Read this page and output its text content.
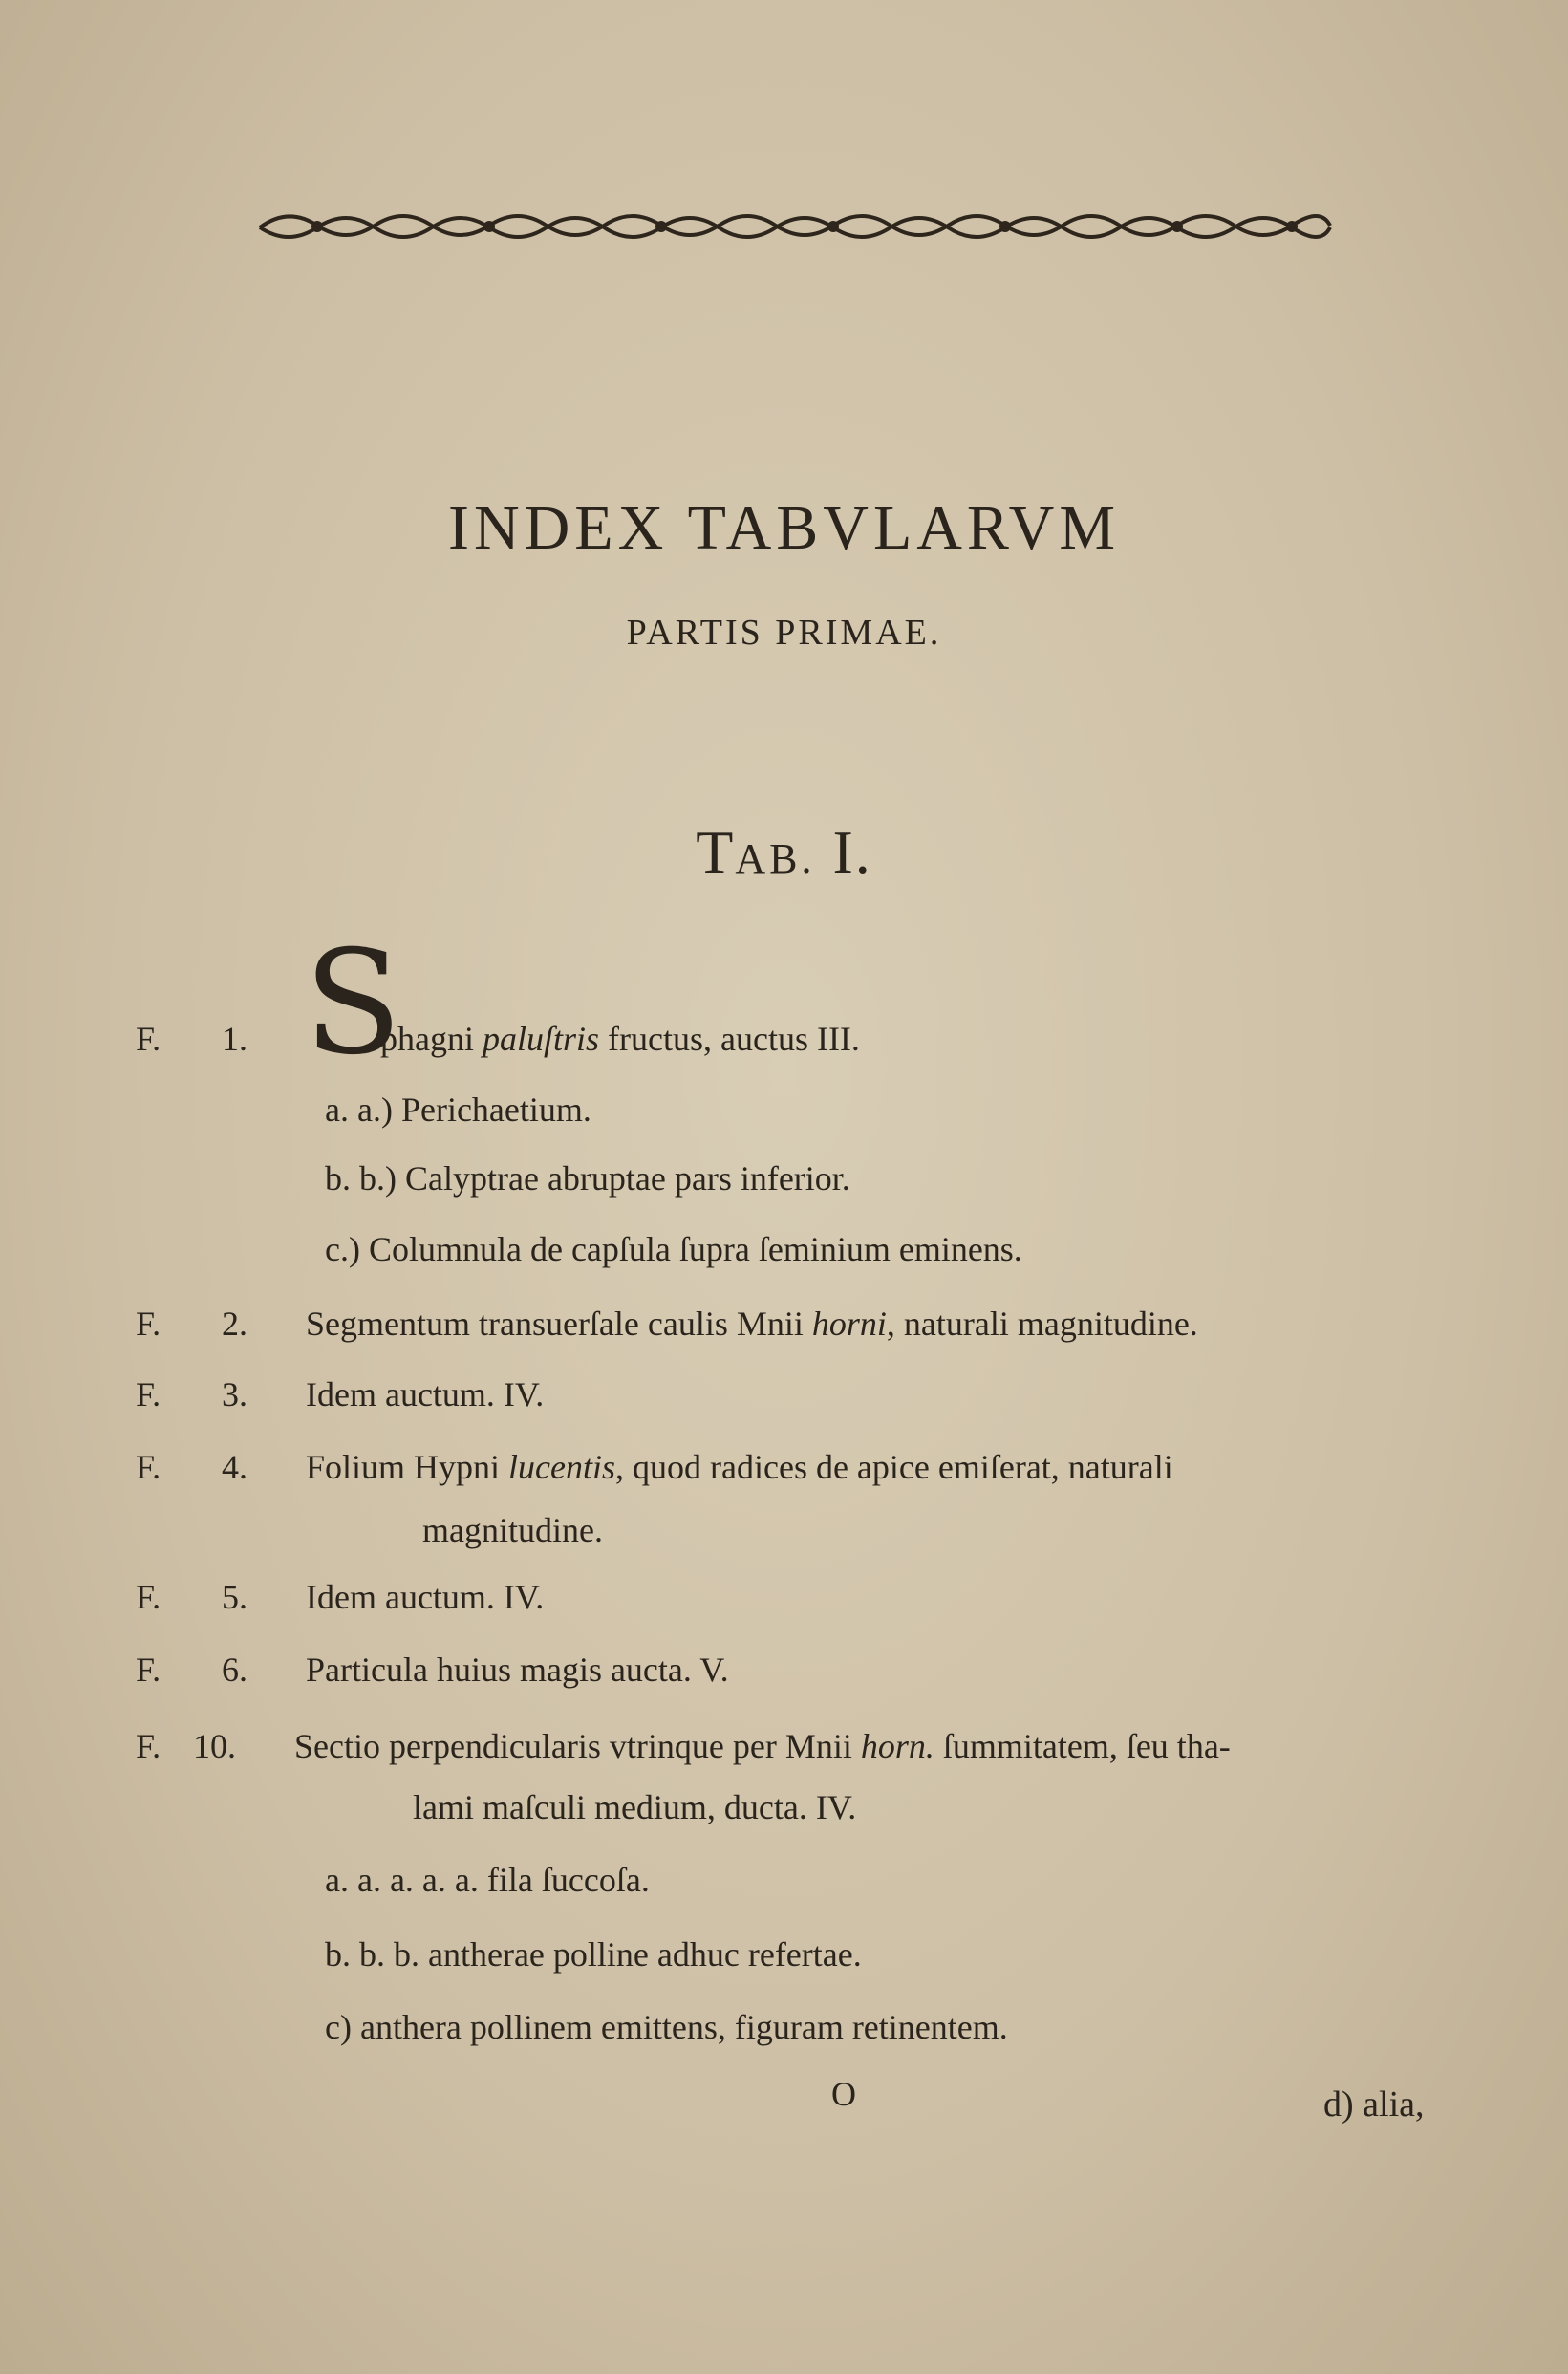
INDEX TABVLARVM
PARTIS PRIMAE.
TAB. I.
F. 1. S
phagni paluſtris fructus, auctus III.
a. a.) Perichaetium.
b. b.) Calyptrae abruptae pars inferior.
c.) Columnula de capſula ſupra ſeminium eminens.
F. 2. Segmentum transuerſale caulis Mnii horni, naturali magnitudine.
F. 3. Idem auctum. IV.
F. 4. Folium Hypni lucentis, quod radices de apice emiſerat, naturali
magnitudine.
F. 5. Idem auctum. IV.
F. 6. Particula huius magis aucta. V.
F. 10. Sectio perpendicularis vtrinque per Mnii horn. ſummitatem, ſeu tha-
lami maſculi medium, ducta. IV.
a. a. a. a. a. fila ſuccoſa.
b. b. b. antherae polline adhuc refertae.
c) anthera pollinem emittens, figuram retinentem.
O	d) alia,
